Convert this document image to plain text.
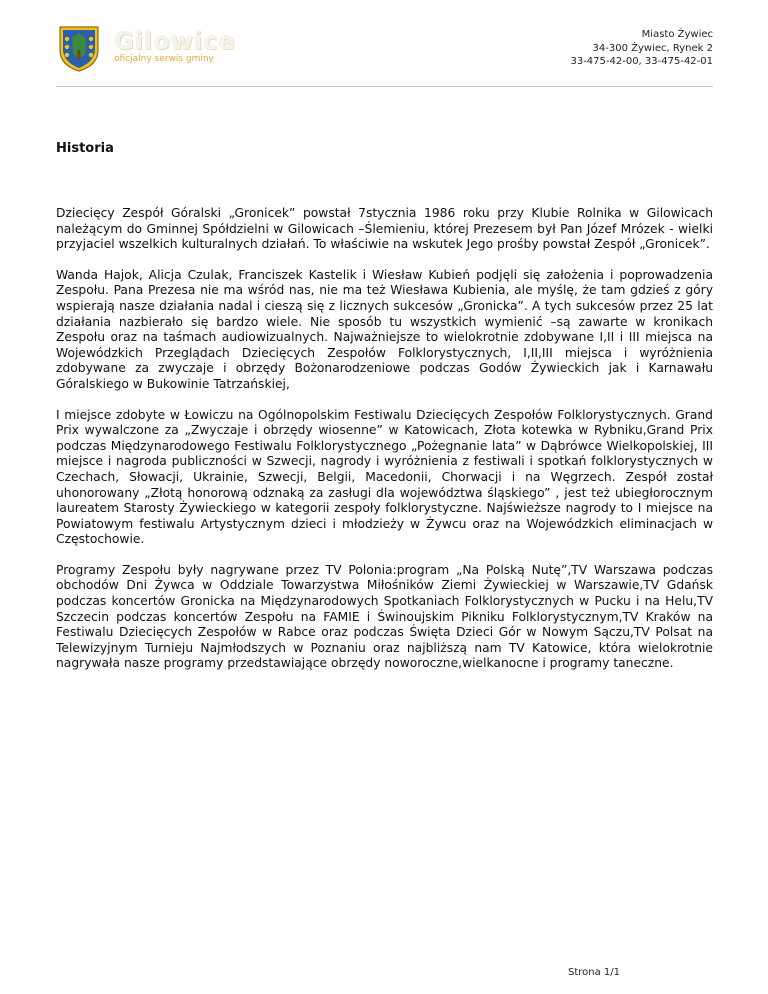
Gilowice
oficjalny serwis gminy
Miasto Żywiec
34-300 Żywiec, Rynek 2
33-475-42-00, 33-475-42-01
Historia

Dziecięcy Zespół Góralski „Gronicek” powstał 7stycznia 1986 roku przy Klubie Rolnika w Gilowicach należącym do Gminnej Spółdzielni w Gilowicach –Ślemieniu, której Prezesem był Pan Józef Mrózek - wielki przyjaciel wszelkich kulturalnych działań. To właściwie na wskutek Jego prośby powstał Zespół „Gronicek”.

Wanda Hajok, Alicja Czulak, Franciszek Kastelik i Wiesław Kubień podjęli się założenia i poprowadzenia Zespołu. Pana Prezesa nie ma wśród nas, nie ma też Wiesława Kubienia, ale myślę, że tam gdzieś z góry wspierają nasze działania nadal i cieszą się z licznych sukcesów „Gronicka”. A tych sukcesów przez 25 lat działania nazbierało się bardzo wiele. Nie sposób tu wszystkich wymienić –są zawarte w kronikach Zespołu oraz na taśmach audiowizualnych. Najważniejsze to wielokrotnie zdobywane I,II i III miejsca na Wojewódzkich Przeglądach Dziecięcych Zespołów Folklorystycznych, I,II,III miejsca i wyróżnienia zdobywane za zwyczaje i obrzędy Bożonarodzeniowe podczas Godów Żywieckich jak i Karnawału Góralskiego w Bukowinie Tatrzańskiej,

I miejsce zdobyte w Łowiczu na Ogólnopolskim Festiwalu Dziecięcych Zespołów Folklorystycznych. Grand Prix wywalczone za „Zwyczaje i obrzędy wiosenne” w Katowicach, Złota kotewka w Rybniku,Grand Prix podczas Międzynarodowego Festiwalu Folklorystycznego „Pożegnanie lata” w Dąbrówce Wielkopolskiej, III miejsce i nagroda publiczności w Szwecji, nagrody i wyróżnienia z festiwali i spotkań folklorystycznych w Czechach, Słowacji, Ukrainie, Szwecji, Belgii, Macedonii, Chorwacji i na Węgrzech. Zespół został uhonorowany „Złotą honorową odznaką za zasługi dla województwa śląskiego” , jest też ubiegłorocznym laureatem Starosty Żywieckiego w kategorii zespoły folklorystyczne. Najświeższe nagrody to I miejsce na Powiatowym festiwalu Artystycznym dzieci i młodzieży w Żywcu oraz na Wojewódzkich eliminacjach w Częstochowie.

Programy Zespołu były nagrywane przez TV Polonia:program „Na Polską Nutę”,TV Warszawa podczas obchodów Dni Żywca w Oddziale Towarzystwa Miłośników Ziemi Żywieckiej w Warszawie,TV Gdańsk podczas koncertów Gronicka na Międzynarodowych Spotkaniach Folklorystycznych w Pucku i na Helu,TV Szczecin podczas koncertów Zespołu na FAMIE i Świnoujskim Pikniku Folklorystycznym,TV Kraków na Festiwalu Dziecięcych Zespołów w Rabce oraz podczas Święta Dzieci Gór w Nowym Sączu,TV Polsat na Telewizyjnym Turnieju Najmłodszych w Poznaniu oraz najbliższą nam TV Katowice, która wielokrotnie nagrywała nasze programy przedstawiające obrzędy noworoczne,wielkanocne i programy taneczne.

Strona 1/1
